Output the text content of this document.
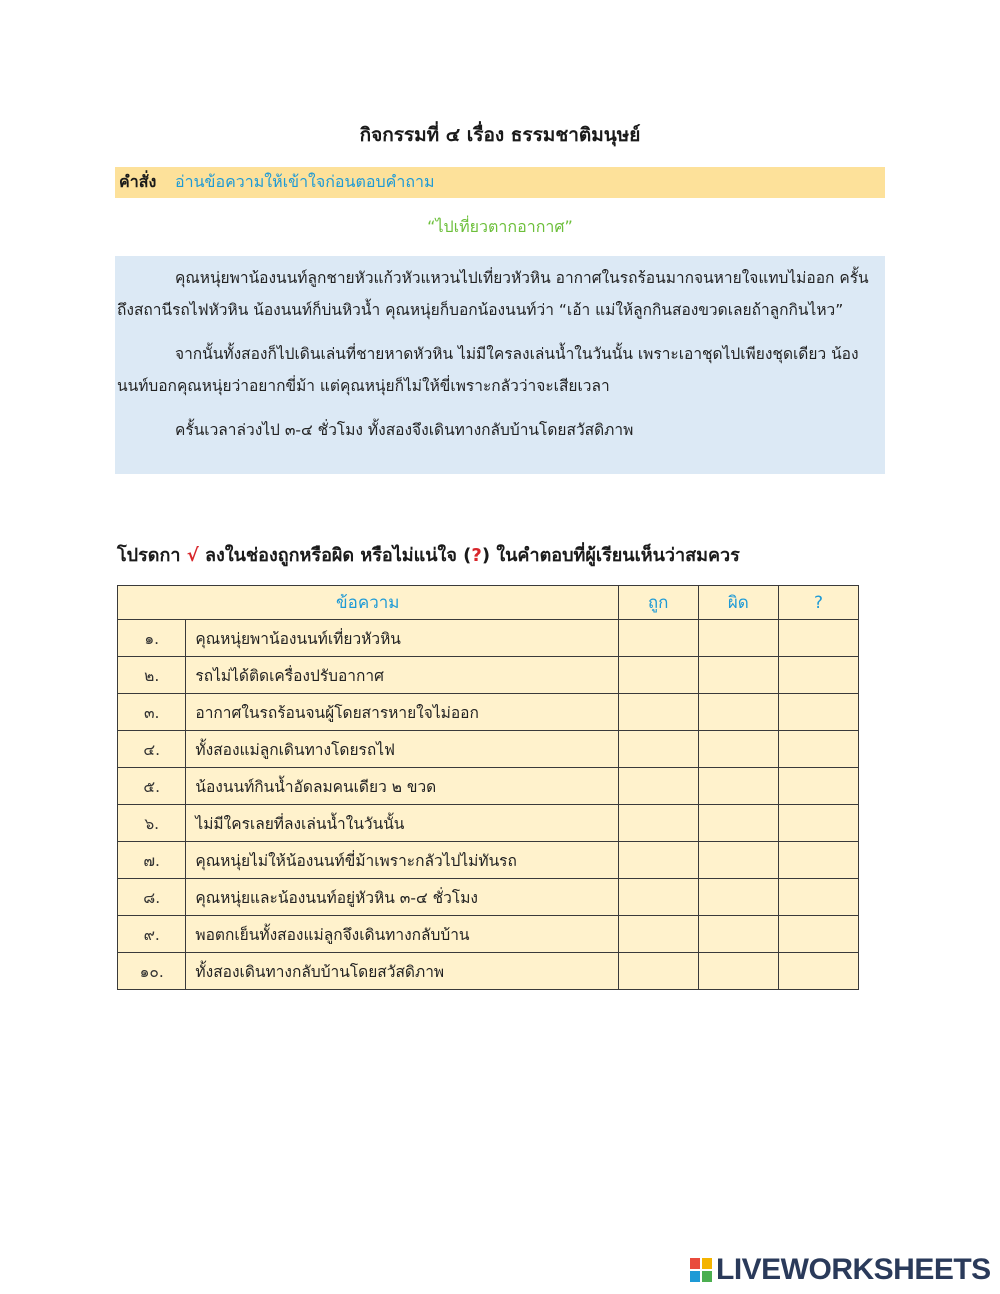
กิจกรรมที่ ๔ เรื่อง ธรรมชาติมนุษย์
คำสั่ง	อ่านข้อความให้เข้าใจก่อนตอบคำถาม
“ไปเที่ยวตากอากาศ”

คุณหนุ่ยพาน้องนนท์ลูกชายหัวแก้วหัวแหวนไปเที่ยวหัวหิน อากาศในรถร้อนมากจนหายใจแทบไม่ออก ครั้นถึงสถานีรถไฟหัวหิน น้องนนท์ก็บ่นหิวน้ำ คุณหนุ่ยก็บอกน้องนนท์ว่า “เอ้า แม่ให้ลูกกินสองขวดเลยถ้าลูกกินไหว”

จากนั้นทั้งสองก็ไปเดินเล่นที่ชายหาดหัวหิน ไม่มีใครลงเล่นน้ำในวันนั้น เพราะเอาชุดไปเพียงชุดเดียว น้องนนท์บอกคุณหนุ่ยว่าอยากขี่ม้า แต่คุณหนุ่ยก็ไม่ให้ขี่เพราะกลัวว่าจะเสียเวลา

ครั้นเวลาล่วงไป ๓-๔ ชั่วโมง ทั้งสองจึงเดินทางกลับบ้านโดยสวัสดิภาพ

โปรดกา √ ลงในช่องถูกหรือผิด หรือไม่แน่ใจ (?) ในคำตอบที่ผู้เรียนเห็นว่าสมควร
ข้อความ		ถูก	ผิด	?
๑.	คุณหนุ่ยพาน้องนนท์เที่ยวหัวหิน			
๒.	รถไม่ได้ติดเครื่องปรับอากาศ			
๓.	อากาศในรถร้อนจนผู้โดยสารหายใจไม่ออก			
๔.	ทั้งสองแม่ลูกเดินทางโดยรถไฟ			
๕.	น้องนนท์กินน้ำอัดลมคนเดียว ๒ ขวด			
๖.	ไม่มีใครเลยที่ลงเล่นน้ำในวันนั้น			
๗.	คุณหนุ่ยไม่ให้น้องนนท์ขี่ม้าเพราะกลัวไปไม่ทันรถ			
๘.	คุณหนุ่ยและน้องนนท์อยู่หัวหิน ๓-๔ ชั่วโมง			
๙.	พอตกเย็นทั้งสองแม่ลูกจึงเดินทางกลับบ้าน			
๑๐.	ทั้งสองเดินทางกลับบ้านโดยสวัสดิภาพ			
LIVEWORKSHEETS
